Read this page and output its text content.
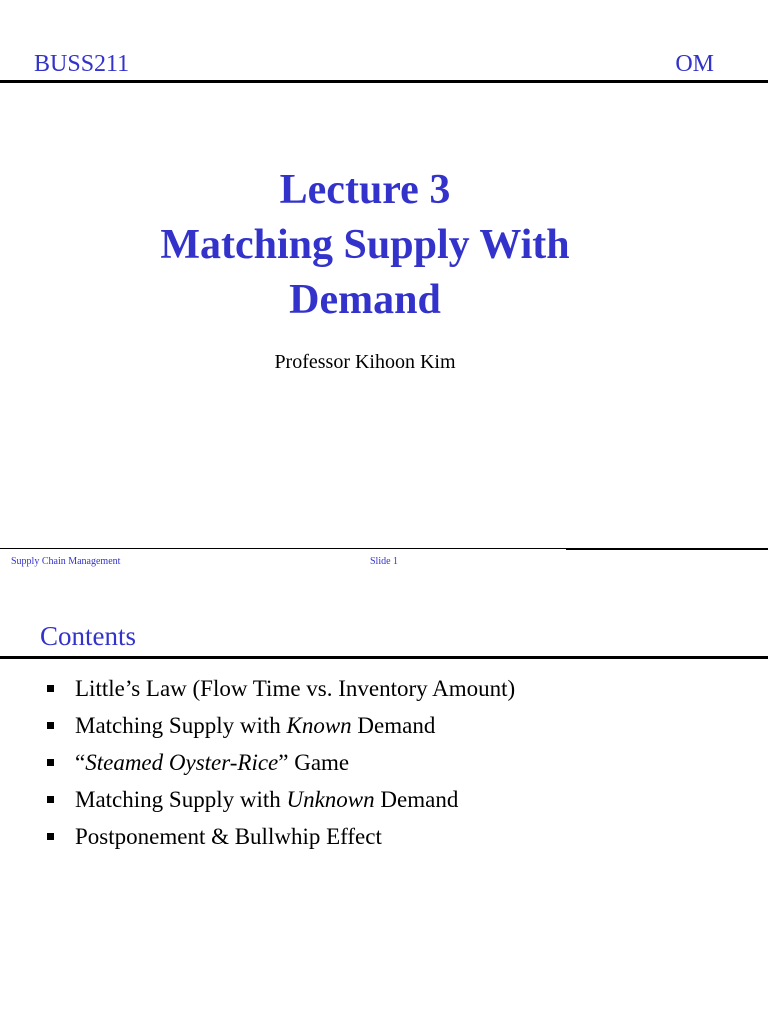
BUSS211	OM
Lecture 3
Matching Supply With
Demand
Professor Kihoon Kim
Supply Chain Management	Slide 1
Contents
Little’s Law (Flow Time vs. Inventory Amount)
Matching Supply with Known Demand
“Steamed Oyster-Rice” Game
Matching Supply with Unknown Demand
Postponement & Bullwhip Effect
